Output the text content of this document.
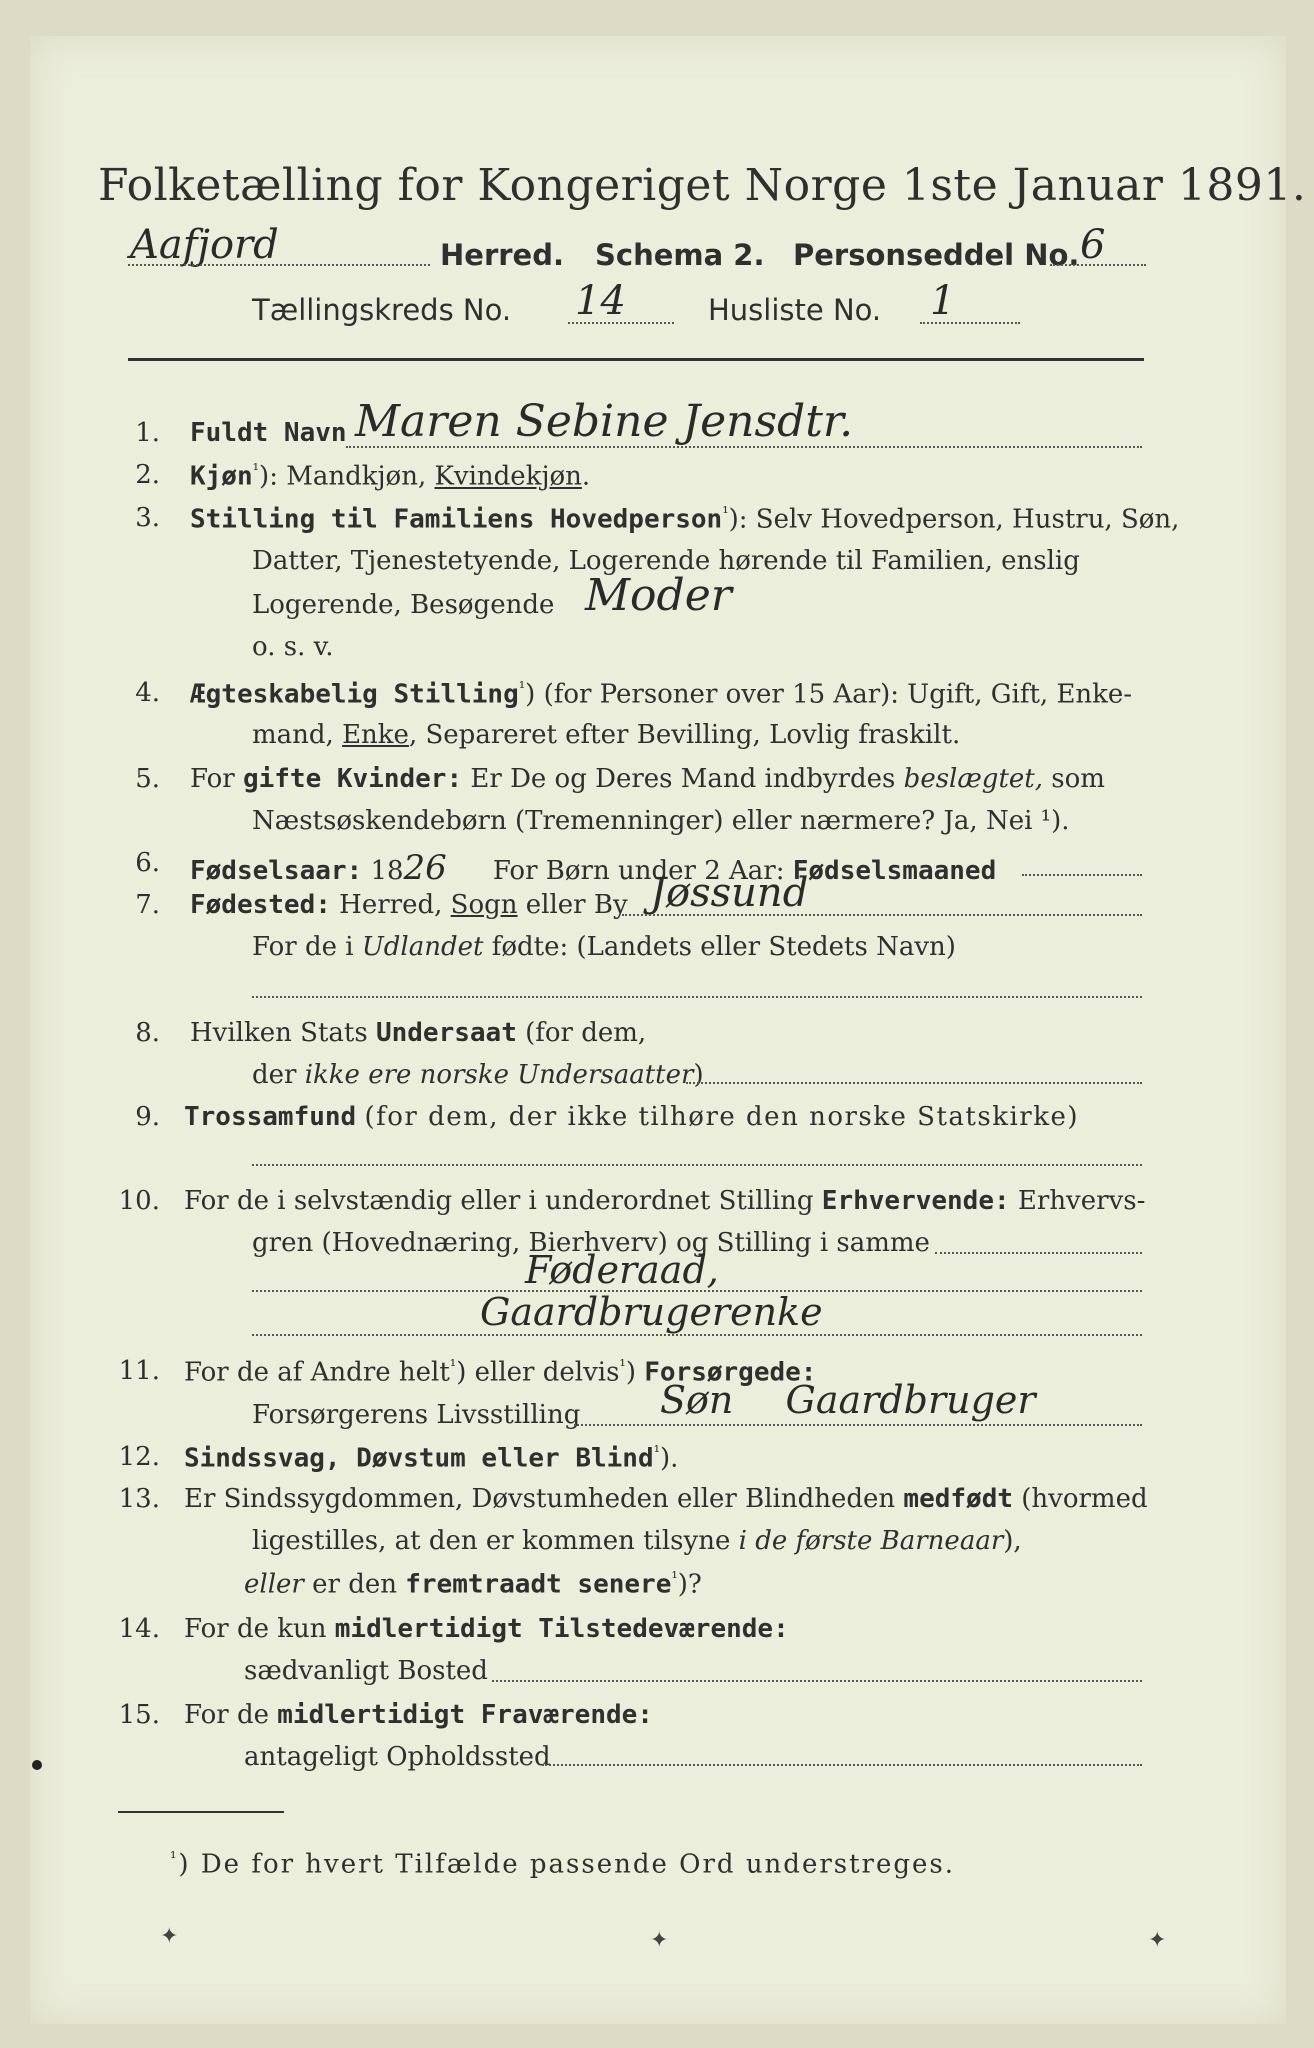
Folketælling for Kongeriget Norge 1ste Januar 1891.
Aafjord	Herred. Schema 2. Personseddel No. 6
Tællingskreds No. 14	Husliste No. 1
1. Fuldt Navn Maren Sebine Jensdtr.
2. Kjøn$^{^1}$): Mandkjøn, Kvindekjøn.
3. Stilling til Familiens Hovedperson$^{^1}$): Selv Hovedperson, Hustru, Søn,
Datter, Tjenestetyende, Logerende hørende til Familien, enslig
Logerende, Besøgende Moder
o. s. v.
4. Ægteskabelig Stilling$^{^1}$) (for Personer over 15 Aar): Ugift, Gift, Enke-
mand, Enke, Separeret efter Bevilling, Lovlig fraskilt.
5. For gifte Kvinder: Er De og Deres Mand indbyrdes beslægtet, som
Næstsøskendebørn (Tremenninger) eller nærmere? Ja, Nei ¹).
6. Fødselsaar: 1826 For Børn under 2 Aar: Fødselsmaaned
7. Fødested: Herred, Sogn eller By Jøssund
For de i Udlandet fødte: (Landets eller Stedets Navn)
8. Hvilken Stats Undersaat (for dem,
der ikke ere norske Undersaatter)
9. Trossamfund (for dem, der ikke tilhøre den norske Statskirke)
10. For de i selvstændig eller i underordnet Stilling Erhvervende: Erhvervs-
gren (Hovednæring, Bierhverv) og Stilling i samme
Føderaad,
Gaardbrugerenke
11. For de af Andre helt$^{^1}$) eller delvis$^{^1}$) Forsørgede:
Forsørgerens Livsstilling Søn Gaardbruger
12. Sindssvag, Døvstum eller Blind$^{^1}$).
13. Er Sindssygdommen, Døvstumheden eller Blindheden medfødt (hvormed
ligestilles, at den er kommen tilsyne i de første Barneaar),
eller er den fremtraadt senere$^{^1}$)?
14. For de kun midlertidigt Tilstedeværende:
sædvanligt Bosted
15. For de midlertidigt Fraværende:
antageligt Opholdssted
$^{^1}$) De for hvert Tilfælde passende Ord understreges.
✦	✦	✦
